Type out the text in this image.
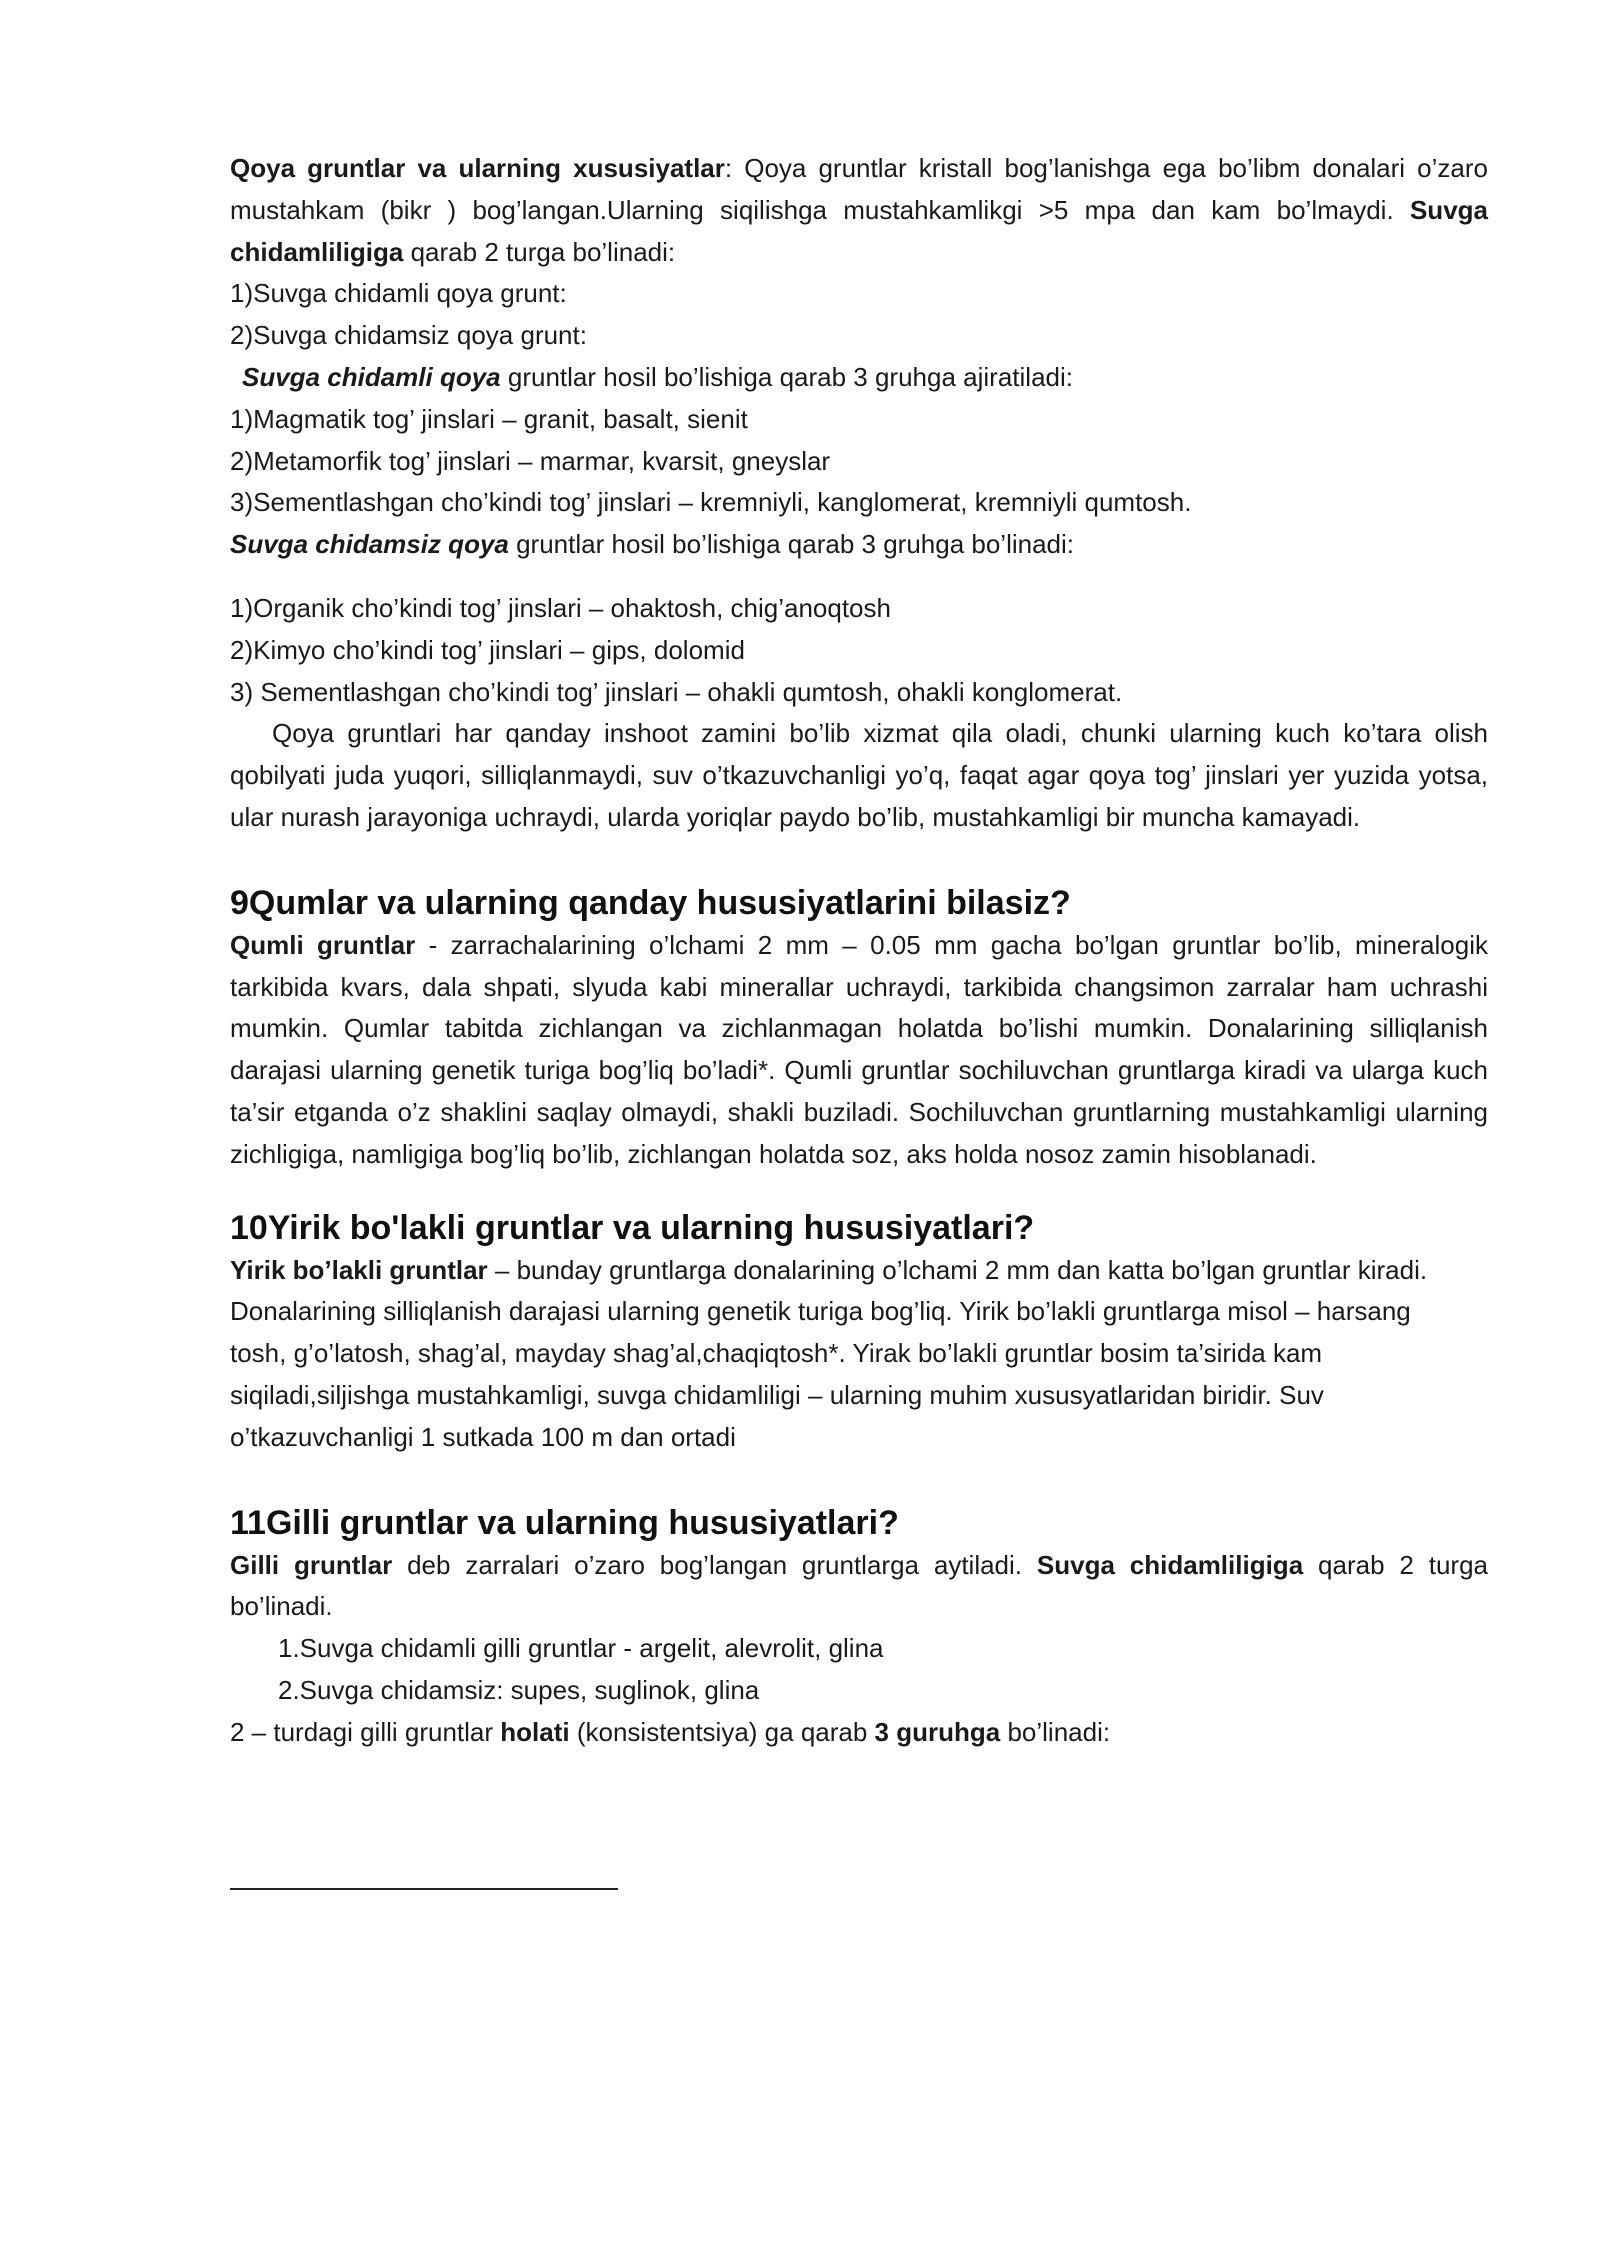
Qoya gruntlar va ularning xususiyatlar: Qoya gruntlar kristall bog’lanishga ega bo’libm donalari o’zaro mustahkam (bikr ) bog’langan.Ularning siqilishga mustahkamlikgi >5 mpa dan kam bo’lmaydi. Suvga chidamliligiga qarab 2 turga bo’linadi:

1)Suvga chidamli qoya grunt:

2)Suvga chidamsiz qoya grunt:

Suvga chidamli qoya gruntlar hosil bo’lishiga qarab 3 gruhga ajiratiladi:

1)Magmatik tog’ jinslari – granit, basalt, sienit

2)Metamorfik tog’ jinslari – marmar, kvarsit, gneyslar

3)Sementlashgan cho’kindi tog’ jinslari – kremniyli, kanglomerat, kremniyli qumtosh.

Suvga chidamsiz qoya gruntlar hosil bo’lishiga qarab 3 gruhga bo’linadi:

1)Organik cho’kindi tog’ jinslari – ohaktosh, chig’anoqtosh

2)Kimyo cho’kindi tog’ jinslari – gips, dolomid

3) Sementlashgan cho’kindi tog’ jinslari – ohakli qumtosh, ohakli konglomerat.

Qoya gruntlari har qanday inshoot zamini bo’lib xizmat qila oladi, chunki ularning kuch ko’tara olish qobilyati juda yuqori, silliqlanmaydi, suv o’tkazuvchanligi yo’q, faqat agar qoya tog’ jinslari yer yuzida yotsa, ular nurash jarayoniga uchraydi, ularda yoriqlar paydo bo’lib, mustahkamligi bir muncha kamayadi.

9Qumlar va ularning qanday hususiyatlarini bilasiz?

Qumli gruntlar - zarrachalarining o’lchami 2 mm – 0.05 mm gacha bo’lgan gruntlar bo’lib, mineralogik tarkibida kvars, dala shpati, slyuda kabi minerallar uchraydi, tarkibida changsimon zarralar ham uchrashi mumkin. Qumlar tabitda zichlangan va zichlanmagan holatda bo’lishi mumkin. Donalarining silliqlanish darajasi ularning genetik turiga bog’liq bo’ladi*. Qumli gruntlar sochiluvchan gruntlarga kiradi va ularga kuch ta’sir etganda o’z shaklini saqlay olmaydi, shakli buziladi. Sochiluvchan gruntlarning mustahkamligi ularning zichligiga, namligiga bog’liq bo’lib, zichlangan holatda soz, aks holda nosoz zamin hisoblanadi.

10Yirik bo'lakli gruntlar va ularning hususiyatlari?

Yirik bo’lakli gruntlar – bunday gruntlarga donalarining o’lchami 2 mm dan katta bo’lgan gruntlar kiradi.

Donalarining silliqlanish darajasi ularning genetik turiga bog’liq. Yirik bo’lakli gruntlarga misol – harsang

tosh, g’o’latosh, shag’al, mayday shag’al,chaqiqtosh*. Yirak bo’lakli gruntlar bosim ta’sirida kam

siqiladi,siljishga mustahkamligi, suvga chidamliligi – ularning muhim xususyatlaridan biridir. Suv

o’tkazuvchanligi 1 sutkada 100 m dan ortadi

11Gilli gruntlar va ularning hususiyatlari?

Gilli gruntlar deb zarralari o’zaro bog’langan gruntlarga aytiladi. Suvga chidamliligiga qarab 2 turga bo’linadi.

1.Suvga chidamli gilli gruntlar - argelit, alevrolit, glina

2.Suvga chidamsiz: supes, suglinok, glina

2 – turdagi gilli gruntlar holati (konsistentsiya) ga qarab 3 guruhga bo’linadi:
